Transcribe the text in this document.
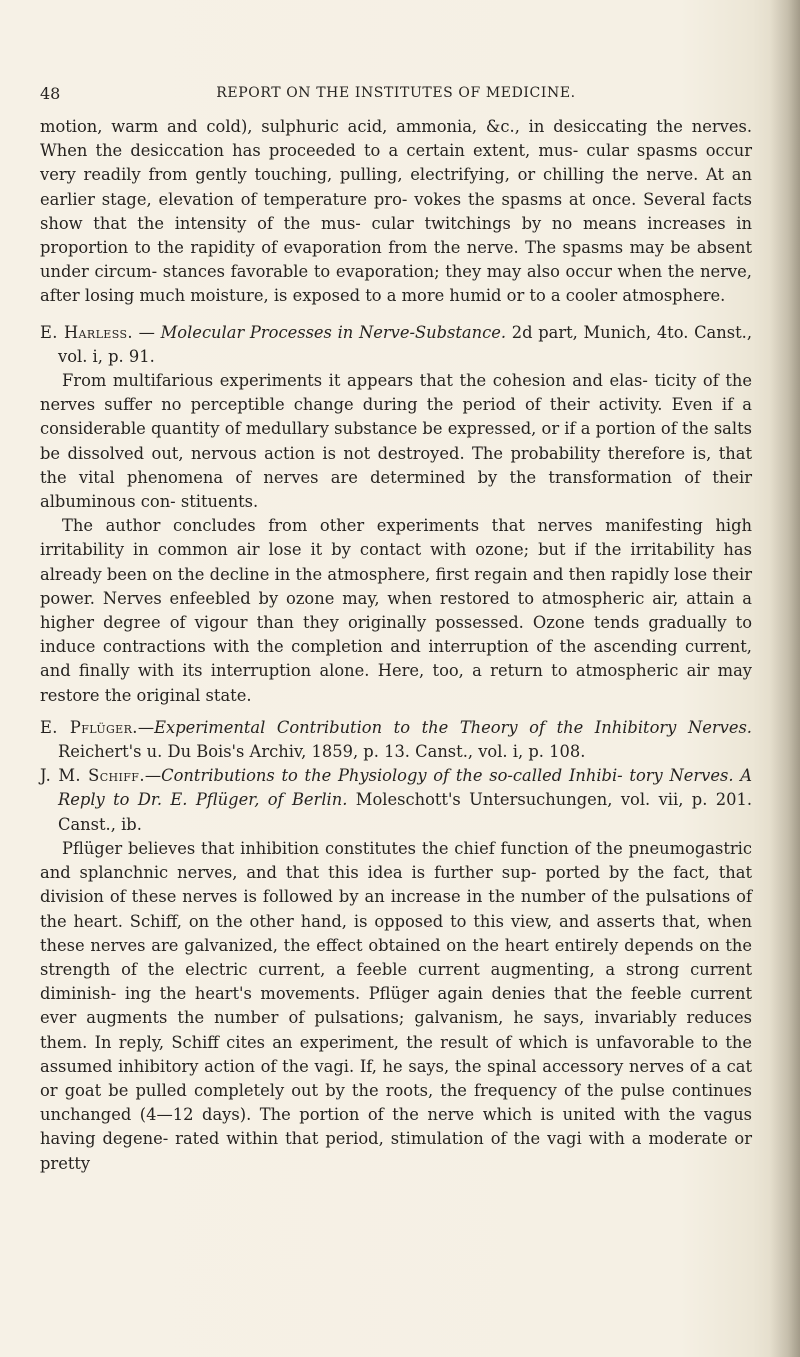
48	REPORT ON THE INSTITUTES OF MEDICINE.

motion, warm and cold), sulphuric acid, ammonia, &c., in desiccating the nerves. When the desiccation has proceeded to a certain extent, mus- cular spasms occur very readily from gently touching, pulling, electrifying, or chilling the nerve. At an earlier stage, elevation of temperature pro- vokes the spasms at once. Several facts show that the intensity of the mus- cular twitchings by no means increases in proportion to the rapidity of evaporation from the nerve. The spasms may be absent under circum- stances favorable to evaporation; they may also occur when the nerve, after losing much moisture, is exposed to a more humid or to a cooler atmosphere.

E. Harless. — Molecular Processes in Nerve-Substance. 2d part, Munich, 4to. Canst., vol. i, p. 91.

From multifarious experiments it appears that the cohesion and elas- ticity of the nerves suffer no perceptible change during the period of their activity. Even if a considerable quantity of medullary substance be expressed, or if a portion of the salts be dissolved out, nervous action is not destroyed. The probability therefore is, that the vital phenomena of nerves are determined by the transformation of their albuminous con- stituents.

The author concludes from other experiments that nerves manifesting high irritability in common air lose it by contact with ozone; but if the irritability has already been on the decline in the atmosphere, first regain and then rapidly lose their power. Nerves enfeebled by ozone may, when restored to atmospheric air, attain a higher degree of vigour than they originally possessed. Ozone tends gradually to induce contractions with the completion and interruption of the ascending current, and finally with its interruption alone. Here, too, a return to atmospheric air may restore the original state.

E. Pflüger.—Experimental Contribution to the Theory of the Inhibitory Nerves. Reichert's u. Du Bois's Archiv, 1859, p. 13. Canst., vol. i, p. 108.

J. M. Schiff.—Contributions to the Physiology of the so-called Inhibi- tory Nerves. A Reply to Dr. E. Pflüger, of Berlin. Moleschott's Untersuchungen, vol. vii, p. 201. Canst., ib.

Pflüger believes that inhibition constitutes the chief function of the pneumogastric and splanchnic nerves, and that this idea is further sup- ported by the fact, that division of these nerves is followed by an increase in the number of the pulsations of the heart. Schiff, on the other hand, is opposed to this view, and asserts that, when these nerves are galvanized, the effect obtained on the heart entirely depends on the strength of the electric current, a feeble current augmenting, a strong current diminish- ing the heart's movements. Pflüger again denies that the feeble current ever augments the number of pulsations; galvanism, he says, invariably reduces them. In reply, Schiff cites an experiment, the result of which is unfavorable to the assumed inhibitory action of the vagi. If, he says, the spinal accessory nerves of a cat or goat be pulled completely out by the roots, the frequency of the pulse continues unchanged (4—12 days). The portion of the nerve which is united with the vagus having degene- rated within that period, stimulation of the vagi with a moderate or pretty
